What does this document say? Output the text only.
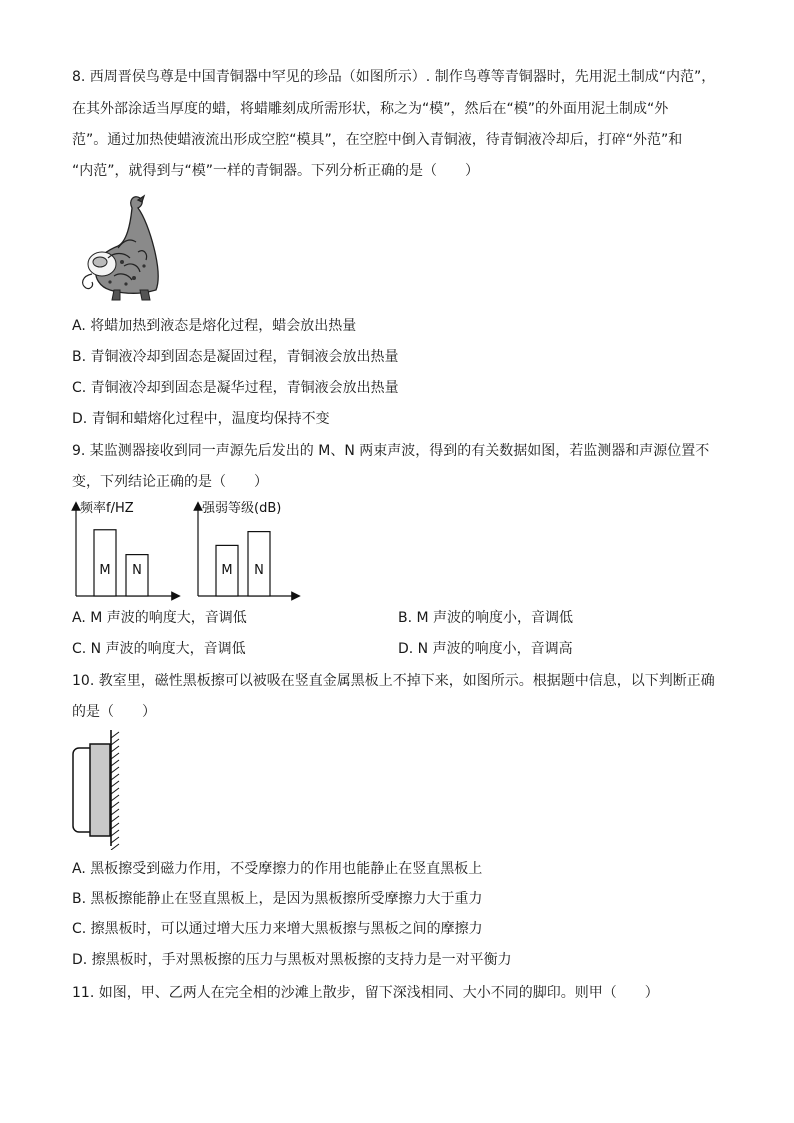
8. 西周晋侯鸟尊是中国青铜器中罕见的珍品（如图所示）. 制作鸟尊等青铜器时，先用泥土制成“内范”，
在其外部涂适当厚度的蜡，将蜡雕刻成所需形状，称之为“模”，然后在“模”的外面用泥土制成“外
范”。通过加热使蜡液流出形成空腔“模具”，在空腔中倒入青铜液，待青铜液冷却后，打碎“外范”和
“内范”，就得到与“模”一样的青铜器。下列分析正确的是（　　）
A. 将蜡加热到液态是熔化过程，蜡会放出热量
B. 青铜液冷却到固态是凝固过程，青铜液会放出热量
C. 青铜液冷却到固态是凝华过程，青铜液会放出热量
D. 青铜和蜡熔化过程中，温度均保持不变
9. 某监测器接收到同一声源先后发出的 M、N 两束声波，得到的有关数据如图，若监测器和声源位置不
变，下列结论正确的是（　　）
频率f/HZ	强弱等级(dB)
M N	M N
A. M 声波的响度大，音调低	B. M 声波的响度小，音调低
C. N 声波的响度大，音调低	D. N 声波的响度小，音调高
10. 教室里，磁性黑板擦可以被吸在竖直金属黑板上不掉下来，如图所示。根据题中信息，以下判断正确
的是（　　）
A. 黑板擦受到磁力作用，不受摩擦力的作用也能静止在竖直黑板上
B. 黑板擦能静止在竖直黑板上，是因为黑板擦所受摩擦力大于重力
C. 擦黑板时，可以通过增大压力来增大黑板擦与黑板之间的摩擦力
D. 擦黑板时，手对黑板擦的压力与黑板对黑板擦的支持力是一对平衡力
11. 如图，甲、乙两人在完全相的沙滩上散步，留下深浅相同、大小不同的脚印。则甲（　　）
